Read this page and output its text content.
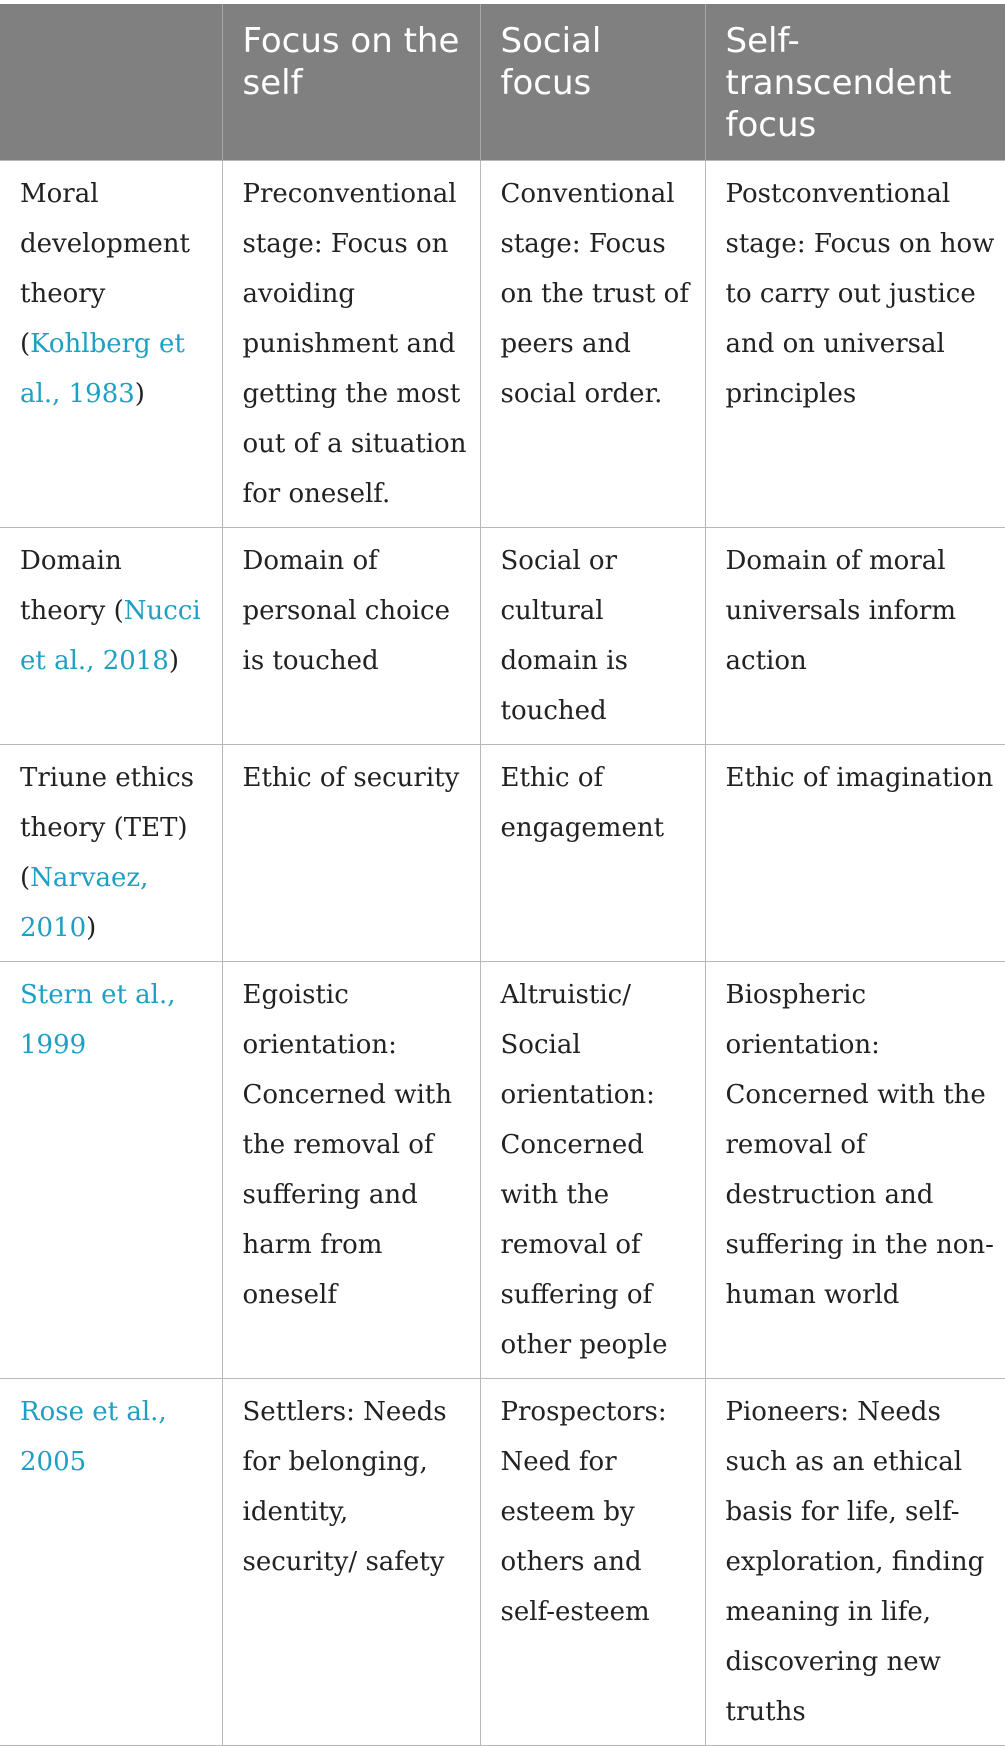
	Focus on the self	Social focus	Self-transcendent focus
Moral development theory (Kohlberg et al., 1983)	Preconventional stage: Focus on avoiding punishment and getting the most out of a situation for oneself.	Conventional stage: Focus on the trust of peers and social order.	Postconventional stage: Focus on how to carry out justice and on universal principles
Domain theory (Nucci et al., 2018)	Domain of personal choice is touched	Social or cultural domain is touched	Domain of moral universals inform action
Triune ethics theory (TET) (Narvaez, 2010)	Ethic of security	Ethic of engagement	Ethic of imagination
Stern et al., 1999	Egoistic orientation: Concerned with the removal of suffering and harm from oneself	Altruistic/ Social orientation: Concerned with the removal of suffering of other people	Biospheric orientation: Concerned with the removal of destruction and suffering in the non-human world
Rose et al., 2005	Settlers: Needs for belonging, identity, security/ safety	Prospectors: Need for esteem by others and self-esteem	Pioneers: Needs such as an ethical basis for life, self-exploration, finding meaning in life, discovering new truths
